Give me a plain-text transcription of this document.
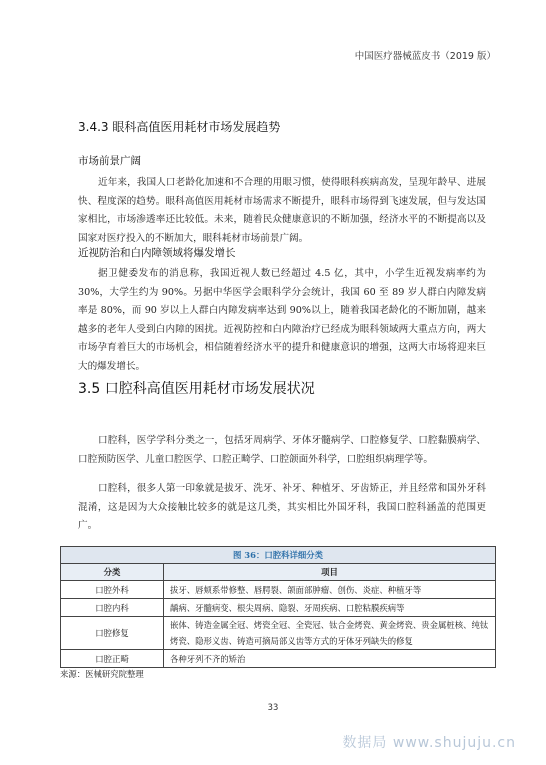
中国医疗器械蓝皮书（2019 版）
3.4.3 眼科高值医用耗材市场发展趋势
市场前景广阔
近年来，我国人口老龄化加速和不合理的用眼习惯，使得眼科疾病高发，呈现年龄早、进展快、程度深的趋势。眼科高值医用耗材市场需求不断提升，眼科市场得到飞速发展，但与发达国家相比，市场渗透率还比较低。未来，随着民众健康意识的不断加强，经济水平的不断提高以及国家对医疗投入的不断加大，眼科耗材市场前景广阔。
近视防治和白内障领域将爆发增长
据卫健委发布的消息称，我国近视人数已经超过 4.5 亿，其中，小学生近视发病率约为 30%，大学生约为 90%。另据中华医学会眼科学分会统计，我国 60 至 89 岁人群白内障发病率是 80%，而 90 岁以上人群白内障发病率达到 90%以上，随着我国老龄化的不断加剧，越来越多的老年人受到白内障的困扰。近视防控和白内障治疗已经成为眼科领域两大重点方向，两大市场孕育着巨大的市场机会，相信随着经济水平的提升和健康意识的增强，这两大市场将迎来巨大的爆发增长。
3.5 口腔科高值医用耗材市场发展状况
口腔科，医学学科分类之一，包括牙周病学、牙体牙髓病学、口腔修复学、口腔黏膜病学、口腔预防医学、儿童口腔医学、口腔正畸学、口腔颌面外科学，口腔组织病理学等。
口腔科，很多人第一印象就是拔牙、洗牙、补牙、种植牙、牙齿矫正，并且经常和国外牙科混淆，这是因为大众接触比较多的就是这几类，其实相比外国牙科，我国口腔科涵盖的范围更广。
图 36：口腔科详细分类	
分类	项目
口腔外科	拔牙、唇颊系带修整、唇腭裂、颌面部肿瘤、创伤、炎症、种植牙等
口腔内科	龋病、牙髓病变、根尖周病、隐裂、牙周疾病、口腔粘膜疾病等
口腔修复	嵌体、铸造金属全冠、烤瓷全冠、全瓷冠、钛合金烤瓷、黄金烤瓷、贵金属桩核、纯钛烤瓷、隐形义齿、铸造可摘局部义齿等方式的牙体牙列缺失的修复
口腔正畸	各种牙列不齐的矫治
来源：医械研究院整理
33
数据局 www.shujuju.cn
